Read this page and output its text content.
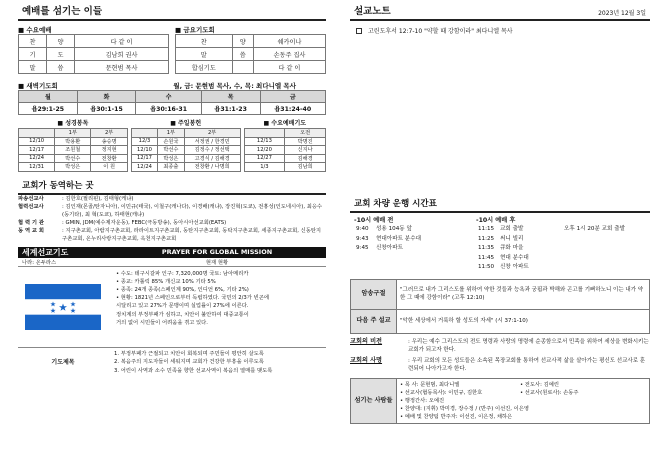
예배를 섬기는 이들
■ 수요예배
찬	양	다 같 이
기	도	김남희 권사
말	씀	문현범 목사
■ 금요기도회
찬	양	쉐카이나
말	씀	손동주 집사
합심기도		다 같 이
■ 새벽기도회	월, 금: 문현범 목사, 수, 목: 최다니엘 목사
월	화	수	목	금
욥29:1-25	욥30:1-15	욥30:16-31	욥31:1-23	욥31:24-40
■ 성경봉독
	1부	2부
12/10	박용환	송승명
12/17	조원철	정지현
12/24	박선수	전창환
12/31	박성은	이 원
■ 주일봉헌
	1부	2부
12/3	손원국	서정권 / 한경민
12/10	박선수	김정수 / 정선택
12/17	박성은	고경식 / 김해경
12/24	최종출	전창환 / 나명희
■ 수요예배기도
	오전
12/13	박명진
12/20	신지나
12/27	김해경
1/3	김남희
교회가 동역하는 곳
파송선교사	: 김한호(필리핀), 김태형(케냐)
협력선교사	: 김인재(몬골/탄자니아), 이민규(태국), 이철구(캐나다), 이경배(캐냐), 장진혁(도쿄), 전홍성(인도네시아), 최응수(동기타), 최 혁(도쿄), 하태현(캐냐)
협 력 기 관	: GMIN, JDM(예수제자운동), FEBC(극동방송), 동아시아선교회(EATS)
동 역 교 회	: 지구촌교회, 아랍지구촌교회, 라라이트지구촌교회, 동탄지구촌교회, 동탁지구촌교회, 세종지구촌교회, 신동탄지구촌교회, 온누리사랑지구촌교회, 옥천지구촌교회
세계선교기도	PRAYER FOR GLOBAL MISSION
나라: 온두라스	현재 현황
• 수도: 테구시갈파 인구: 7,320,000명 국토: 남아메리카
• 종교: 카톨릭 85% 개신교 10% 기타 5%
• 종족: 24개 종족(스페인계 90%, 인디언 6%, 기타 2%)
• 현황: 1821년 스페인으로부터 독립하였다. 국민의 2/3가 빈곤에
시달리고 있고 27%가 문맹이며 실업률이 27%에 이른다.
정치계의 부정부패가 심하고, 치안이 불안하여 대중교통이
거의 없어 시민들이 어려움을 겪고 있다.
기도제목
1. 부정부패가 근절되고 치안이 회복되며 주민들이 평안히 살도록
2. 복음주의 지도자들이 세워지며 교회가 건강한 부흥을 이루도록
3. 어린이 사역과 소수 민족을 향한 선교사역이 복음의 열매를 맺도록
설교노트	2023년 12월 3일
고린도후서 12:7-10 "약할 때 강함이라" 최다니엘 목사
교회 차량 운행 시간표
-10시 예배 전
9:40	성용 104동 앞
9:43	현대아파트 분수대
9:45	신창아파트
-10시 예배 후
11:15	교회 출발	오후 1시 20분 교회 출발
11:25	써니 빌리
11:35	큐화 마을
11:45	현대 분수대
11:50	신창 아파트
암송구절	"그러므로 내가 그리스도를 위하여 약한 것들과 능욕과 궁핍과 박해와 곤고를 기뻐하노니 이는 내가 약한 그 때에 강함이라" (고후 12:10)
다음 주 설교	"악한 세상에서 거룩하 할 성도의 자세" (시 37:1-10)
교회의 비전	: 우리는 예수 그리스도의 전도 명령과 사랑의 명령에 순종함으로서 민족을 위하여 세상을 변화시키는 교회가 되고자 한다.
교회의 사명	: 우리 교회의 모든 성도들은 소속된 목장교회를 통하여 선교사적 삶을 살아가는 평신도 선교사로 훈련되어 나아가고자 한다.
섬기는 사람들	
• 목 사: 문현범, 최다니엘	• 전도사: 김예린
• 선교사(협동목사): 이민규, 김한호	• 선교사(원로사): 손동주
• 행정간사: 오예진
• 찬양대: (지휘) 박미경, 장수정 / (반주) 이선진, 이은영
• 예배 및 찬양팀 반주자: 이선진, 이은정, 채하은
